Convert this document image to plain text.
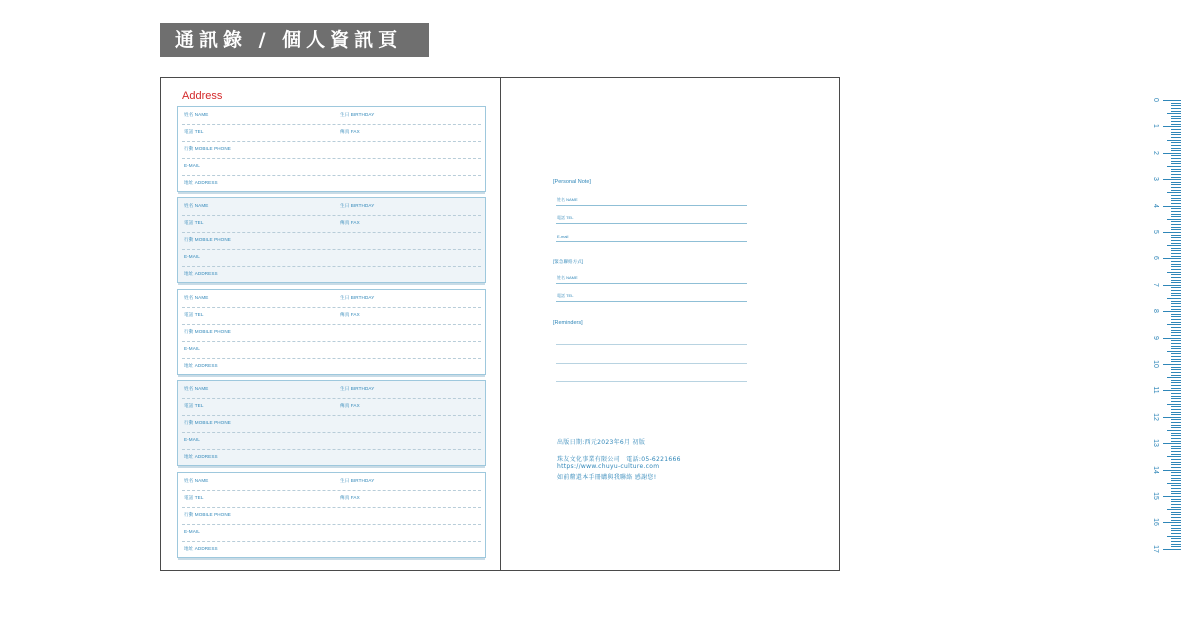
通訊錄 / 個人資訊頁
Address
姓名 NAME	生日 BIRTHDAY
電話 TEL	傳真 FAX
行動 MOBILE PHONE
E-MAIL
地址 ADDRESS
姓名 NAME	生日 BIRTHDAY
電話 TEL	傳真 FAX
行動 MOBILE PHONE
E-MAIL
地址 ADDRESS
姓名 NAME	生日 BIRTHDAY
電話 TEL	傳真 FAX
行動 MOBILE PHONE
E-MAIL
地址 ADDRESS
姓名 NAME	生日 BIRTHDAY
電話 TEL	傳真 FAX
行動 MOBILE PHONE
E-MAIL
地址 ADDRESS
姓名 NAME	生日 BIRTHDAY
電話 TEL	傳真 FAX
行動 MOBILE PHONE
E-MAIL
地址 ADDRESS
[Personal Note]
姓名 NAME
電話 TEL
E-mail
[緊急聯絡方式]
姓名 NAME
電話 TEL
[Reminders]
出版日期:西元2023年6月 初版
珠友文化事業有限公司　電話:05-6221666
https://www.chuyu-culture.com
如前釐還本手冊購與我聯絡 感謝您!
0
1
2
3
4
5
6
7
8
9
10
11
12
13
14
15
16
17
